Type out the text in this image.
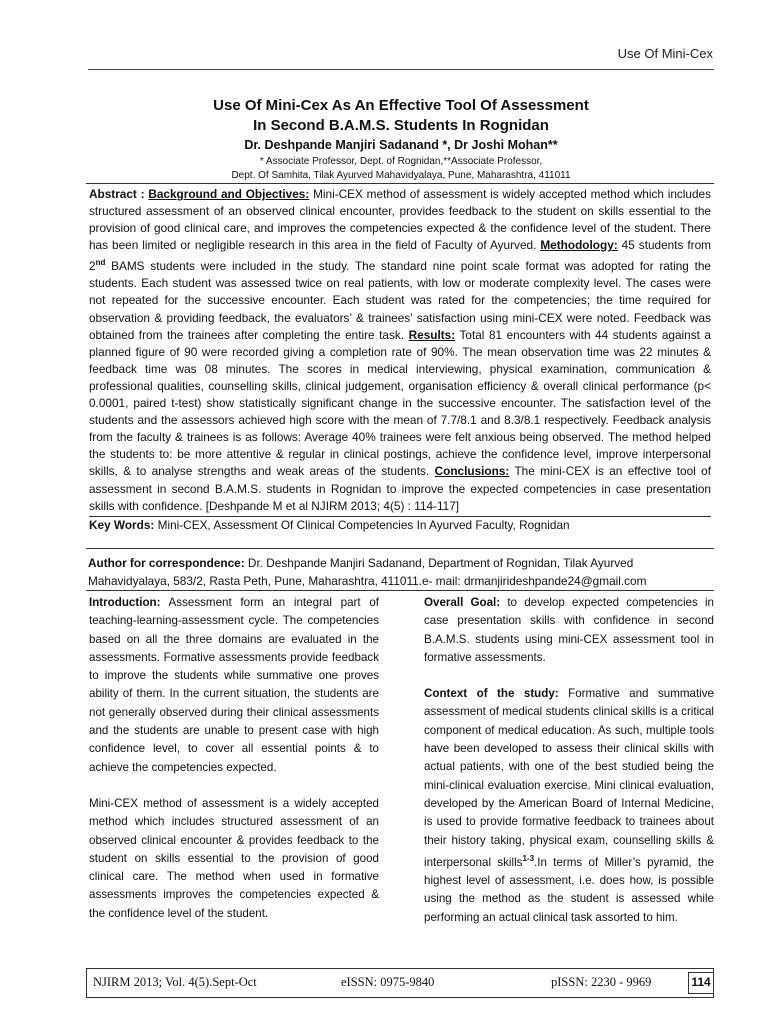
Use Of Mini-Cex
Use Of Mini-Cex As An Effective Tool Of Assessment
In Second B.A.M.S. Students In Rognidan
Dr. Deshpande Manjiri Sadanand *, Dr Joshi Mohan**
* Associate Professor, Dept. of Rognidan,**Associate Professor,
Dept. Of Samhita, Tilak Ayurved Mahavidyalaya, Pune, Maharashtra, 411011
Abstract : Background and Objectives: Mini-CEX method of assessment is widely accepted method which includes structured assessment of an observed clinical encounter, provides feedback to the student on skills essential to the provision of good clinical care, and improves the competencies expected & the confidence level of the student. There has been limited or negligible research in this area in the field of Faculty of Ayurved. Methodology: 45 students from 2nd BAMS students were included in the study. The standard nine point scale format was adopted for rating the students. Each student was assessed twice on real patients, with low or moderate complexity level. The cases were not repeated for the successive encounter. Each student was rated for the competencies; the time required for observation & providing feedback, the evaluators’ & trainees’ satisfaction using mini-CEX were noted. Feedback was obtained from the trainees after completing the entire task. Results: Total 81 encounters with 44 students against a planned figure of 90 were recorded giving a completion rate of 90%. The mean observation time was 22 minutes & feedback time was 08 minutes. The scores in medical interviewing, physical examination, communication & professional qualities, counselling skills, clinical judgement, organisation efficiency & overall clinical performance (p< 0.0001, paired t-test) show statistically significant change in the successive encounter. The satisfaction level of the students and the assessors achieved high score with the mean of 7.7/8.1 and 8.3/8.1 respectively. Feedback analysis from the faculty & trainees is as follows: Average 40% trainees were felt anxious being observed. The method helped the students to: be more attentive & regular in clinical postings, achieve the confidence level, improve interpersonal skills, & to analyse strengths and weak areas of the students. Conclusions: The mini-CEX is an effective tool of assessment in second B.A.M.S. students in Rognidan to improve the expected competencies in case presentation skills with confidence. [Deshpande M et al NJIRM 2013; 4(5) : 114-117]
Key Words: Mini-CEX, Assessment Of Clinical Competencies In Ayurved Faculty, Rognidan
Author for correspondence: Dr. Deshpande Manjiri Sadanand, Department of Rognidan, Tilak Ayurved Mahavidyalaya, 583/2, Rasta Peth, Pune, Maharashtra, 411011.e- mail: drmanjirideshpande24@gmail.com

Introduction: Assessment form an integral part of teaching-learning-assessment cycle. The competencies based on all the three domains are evaluated in the assessments. Formative assessments provide feedback to improve the students while summative one proves ability of them. In the current situation, the students are not generally observed during their clinical assessments and the students are unable to present case with high confidence level, to cover all essential points & to achieve the competencies expected.

Mini-CEX method of assessment is a widely accepted method which includes structured assessment of an observed clinical encounter & provides feedback to the student on skills essential to the provision of good clinical care. The method when used in formative assessments improves the competencies expected & the confidence level of the student.

Overall Goal: to develop expected competencies in case presentation skills with confidence in second B.A.M.S. students using mini-CEX assessment tool in formative assessments.

Context of the study: Formative and summative assessment of medical students clinical skills is a critical component of medical education. As such, multiple tools have been developed to assess their clinical skills with actual patients, with one of the best studied being the mini-clinical evaluation exercise. Mini clinical evaluation, developed by the American Board of Internal Medicine, is used to provide formative feedback to trainees about their history taking, physical exam, counselling skills & interpersonal skills$^{1-3}$.In terms of Miller’s pyramid, the highest level of assessment, i.e. does how, is possible using the method as the student is assessed while performing an actual clinical task assorted to him.

NJIRM 2013; Vol. 4(5).Sept-Oct	eISSN: 0975-9840	pISSN: 2230 - 9969	114
